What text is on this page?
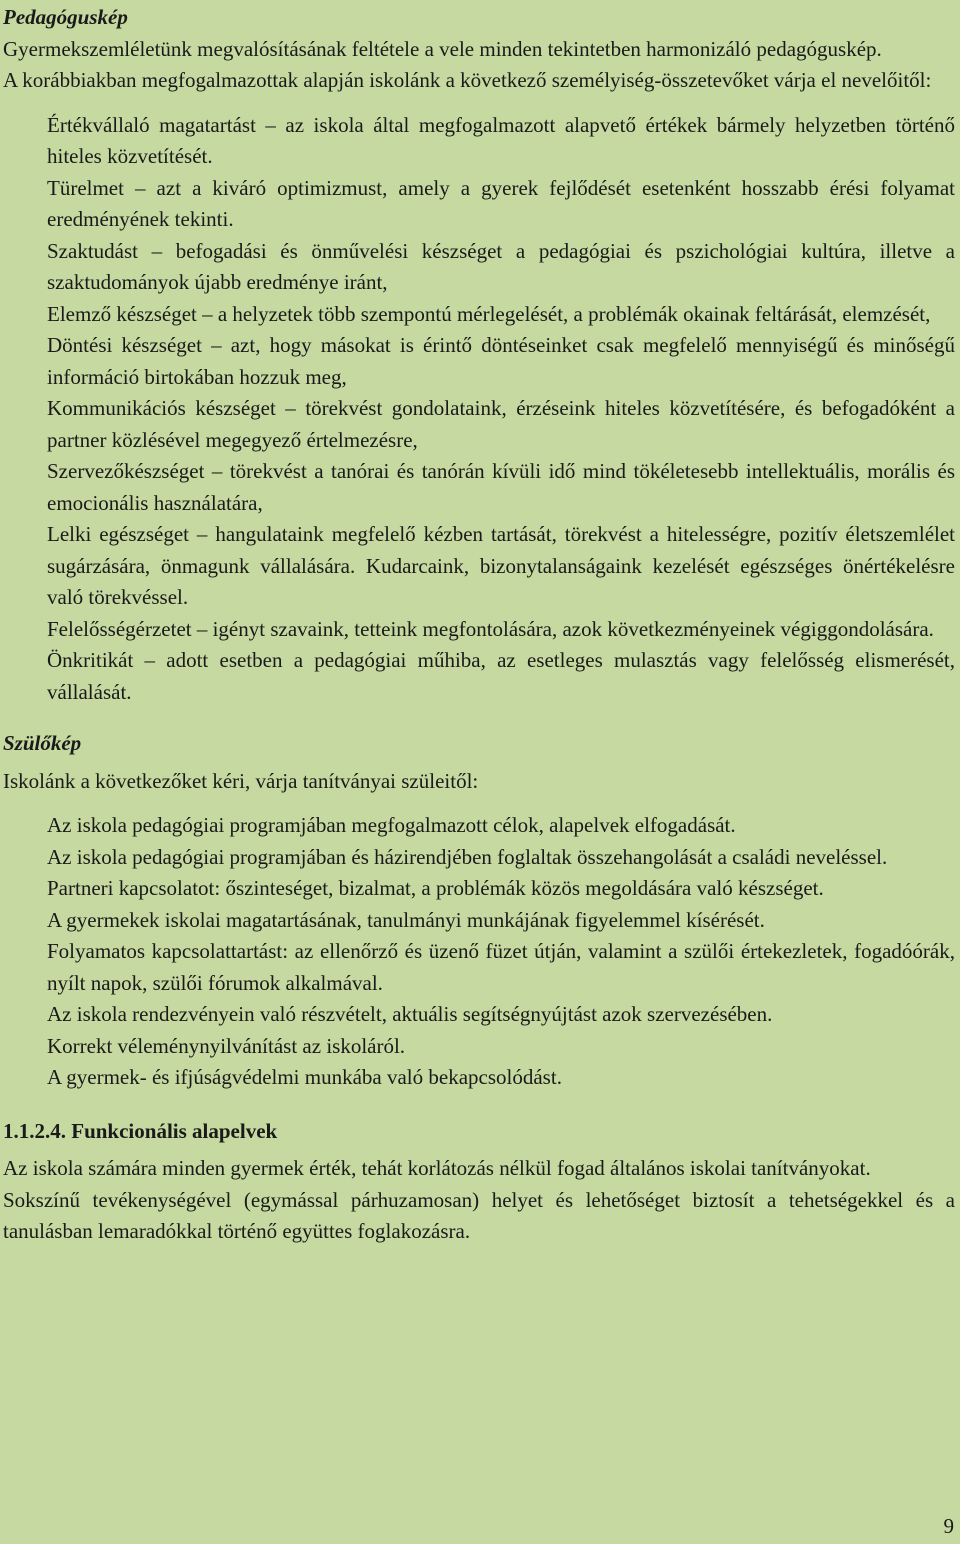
Pedagóguskép

Gyermekszemléletünk megvalósításának feltétele a vele minden tekintetben harmonizáló pedagóguskép.

A korábbiakban megfogalmazottak alapján iskolánk a következő személyiség-összetevőket várja el nevelőitől:

Értékvállaló magatartást – az iskola által megfogalmazott alapvető értékek bármely helyzetben történő hiteles közvetítését.

Türelmet – azt a kiváró optimizmust, amely a gyerek fejlődését esetenként hosszabb érési folyamat eredményének tekinti.

Szaktudást – befogadási és önművelési készséget a pedagógiai és pszichológiai kultúra, illetve a szaktudományok újabb eredménye iránt,

Elemző készséget – a helyzetek több szempontú mérlegelését, a problémák okainak feltárását, elemzését,

Döntési készséget – azt, hogy másokat is érintő döntéseinket csak megfelelő mennyiségű és minőségű információ birtokában hozzuk meg,

Kommunikációs készséget – törekvést gondolataink, érzéseink hiteles közvetítésére, és befogadóként a partner közlésével megegyező értelmezésre,

Szervezőkészséget – törekvést a tanórai és tanórán kívüli idő mind tökéletesebb intellektuális, morális és emocionális használatára,

Lelki egészséget – hangulataink megfelelő kézben tartását, törekvést a hitelességre, pozitív életszemlélet sugárzására, önmagunk vállalására. Kudarcaink, bizonytalanságaink kezelését egészséges önértékelésre való törekvéssel.

Felelősségérzetet – igényt szavaink, tetteink megfontolására, azok következményeinek végiggondolására.

Önkritikát – adott esetben a pedagógiai műhiba, az esetleges mulasztás vagy felelősség elismerését, vállalását.

Szülőkép

Iskolánk a következőket kéri, várja tanítványai szüleitől:

Az iskola pedagógiai programjában megfogalmazott célok, alapelvek elfogadását.

Az iskola pedagógiai programjában és házirendjében foglaltak összehangolását a családi neveléssel.

Partneri kapcsolatot: őszinteséget, bizalmat, a problémák közös megoldására való készséget.

A gyermekek iskolai magatartásának, tanulmányi munkájának figyelemmel kísérését.

Folyamatos kapcsolattartást: az ellenőrző és üzenő füzet útján, valamint a szülői értekezletek, fogadóórák, nyílt napok, szülői fórumok alkalmával.

Az iskola rendezvényein való részvételt, aktuális segítségnyújtást azok szervezésében.

Korrekt véleménynyilvánítást az iskoláról.

A gyermek- és ifjúságvédelmi munkába való bekapcsolódást.

1.1.2.4. Funkcionális alapelvek

Az iskola számára minden gyermek érték, tehát korlátozás nélkül fogad általános iskolai tanítványokat.

Sokszínű tevékenységével (egymással párhuzamosan) helyet és lehetőséget biztosít a tehetségekkel és a tanulásban lemaradókkal történő együttes foglakozásra.

9
